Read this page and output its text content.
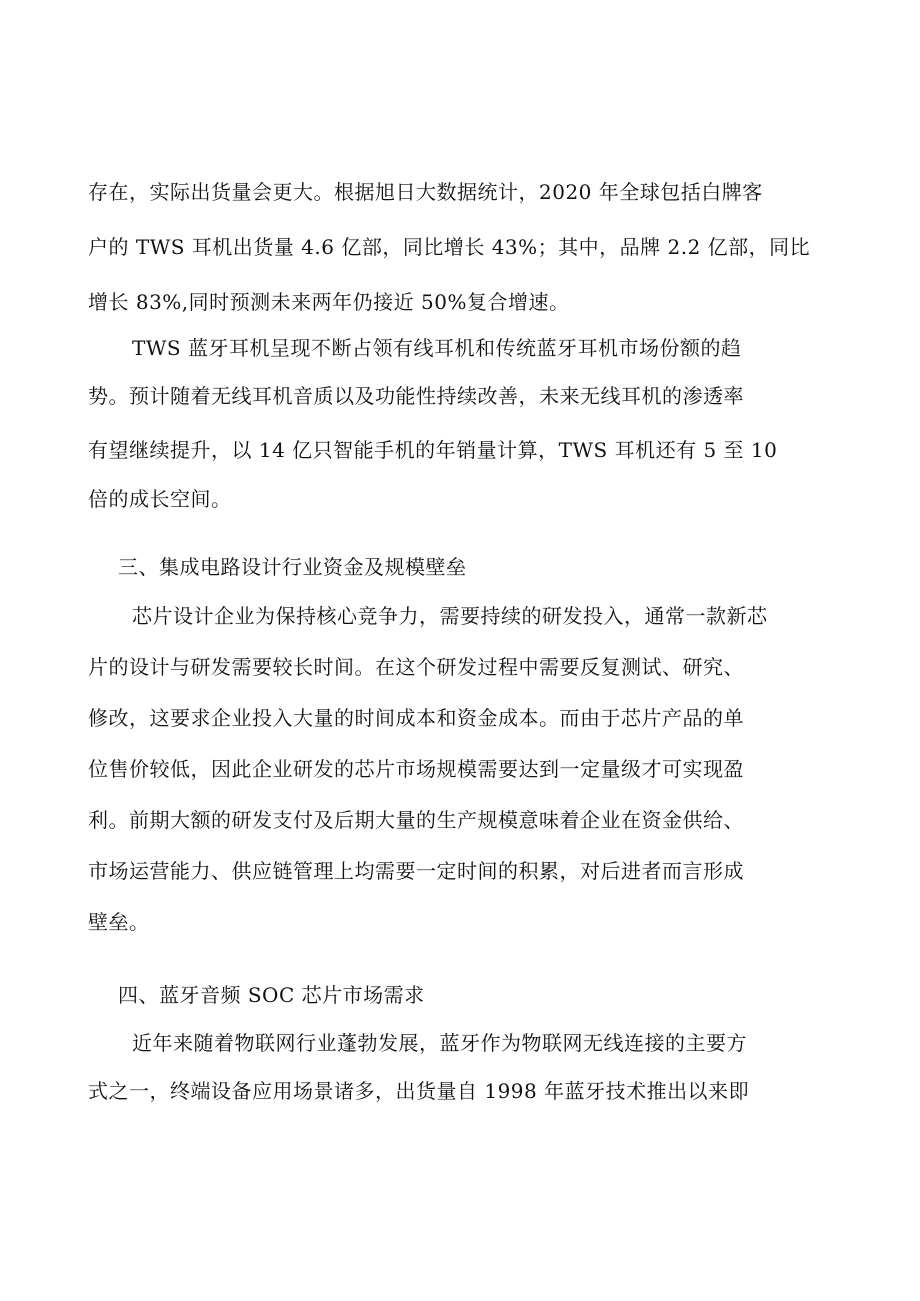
存在，实际出货量会更大。根据旭日大数据统计，2020 年全球包括白牌客
户的 TWS 耳机出货量 4.6 亿部，同比增长 43%；其中，品牌 2.2 亿部，同比
增长 83%,同时预测未来两年仍接近 50%复合增速。
TWS 蓝牙耳机呈现不断占领有线耳机和传统蓝牙耳机市场份额的趋
势。预计随着无线耳机音质以及功能性持续改善，未来无线耳机的渗透率
有望继续提升，以 14 亿只智能手机的年销量计算，TWS 耳机还有 5 至 10
倍的成长空间。
三、集成电路设计行业资金及规模壁垒
芯片设计企业为保持核心竞争力，需要持续的研发投入，通常一款新芯
片的设计与研发需要较长时间。在这个研发过程中需要反复测试、研究、
修改，这要求企业投入大量的时间成本和资金成本。而由于芯片产品的单
位售价较低，因此企业研发的芯片市场规模需要达到一定量级才可实现盈
利。前期大额的研发支付及后期大量的生产规模意味着企业在资金供给、
市场运营能力、供应链管理上均需要一定时间的积累，对后进者而言形成
壁垒。
四、蓝牙音频 SOC 芯片市场需求
近年来随着物联网行业蓬勃发展，蓝牙作为物联网无线连接的主要方
式之一，终端设备应用场景诸多，出货量自 1998 年蓝牙技术推出以来即
